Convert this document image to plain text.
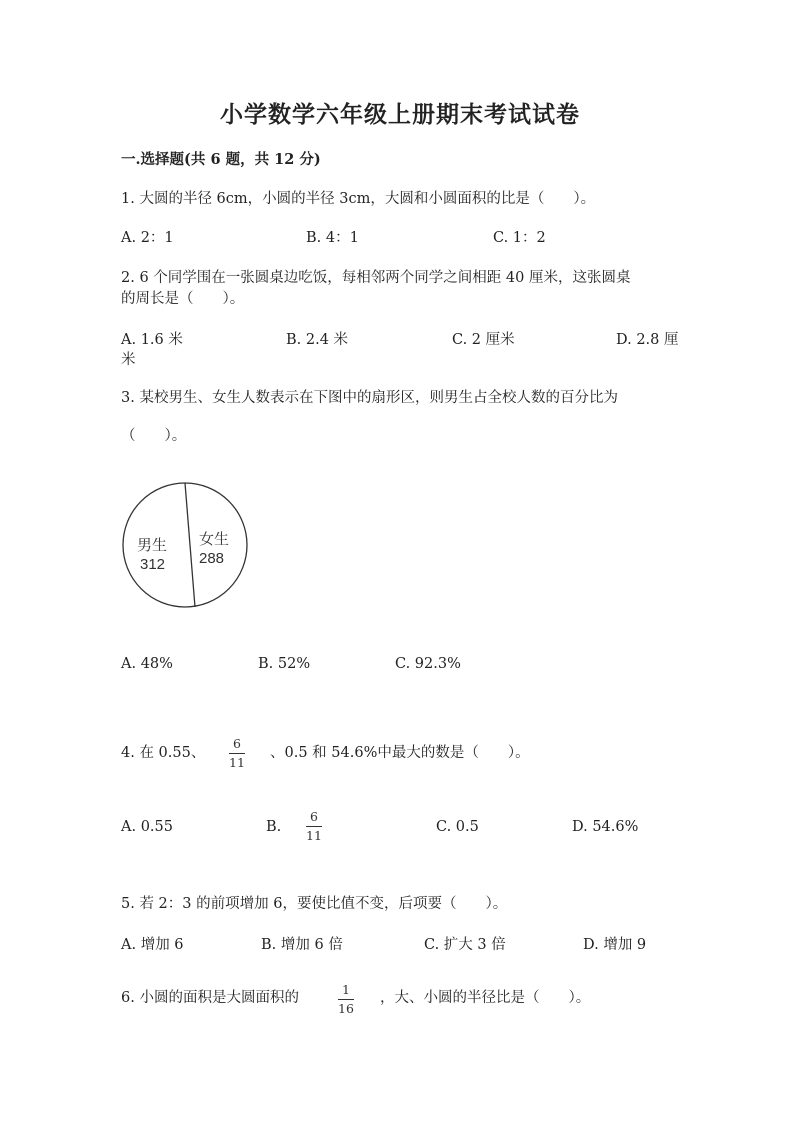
小学数学六年级上册期末考试试卷
一.选择题(共 6 题，共 12 分)
1. 大圆的半径 6cm，小圆的半径 3cm，大圆和小圆面积的比是（　　）。
A. 2：1	B. 4：1	C. 1：2
2. 6 个同学围在一张圆桌边吃饭，每相邻两个同学之间相距 40 厘米，这张圆桌
的周长是（　　）。
A. 1.6 米	B. 2.4 米	C. 2 厘米	D. 2.8 厘
米
3. 某校男生、女生人数表示在下图中的扇形区，则男生占全校人数的百分比为
（　　）。
男生
312
女生
288
A. 48%	B. 52%	C. 92.3%
4. 在 0.55、
6
11
、0.5 和 54.6%中最大的数是（　　）。
A. 0.55	B.
6
11
C. 0.5	D. 54.6%
5. 若 2：3 的前项增加 6，要使比值不变，后项要（　　）。
A. 增加 6	B. 增加 6 倍	C. 扩大 3 倍	D. 增加 9
6. 小圆的面积是大圆面积的
1
16
，大、小圆的半径比是（　　）。
